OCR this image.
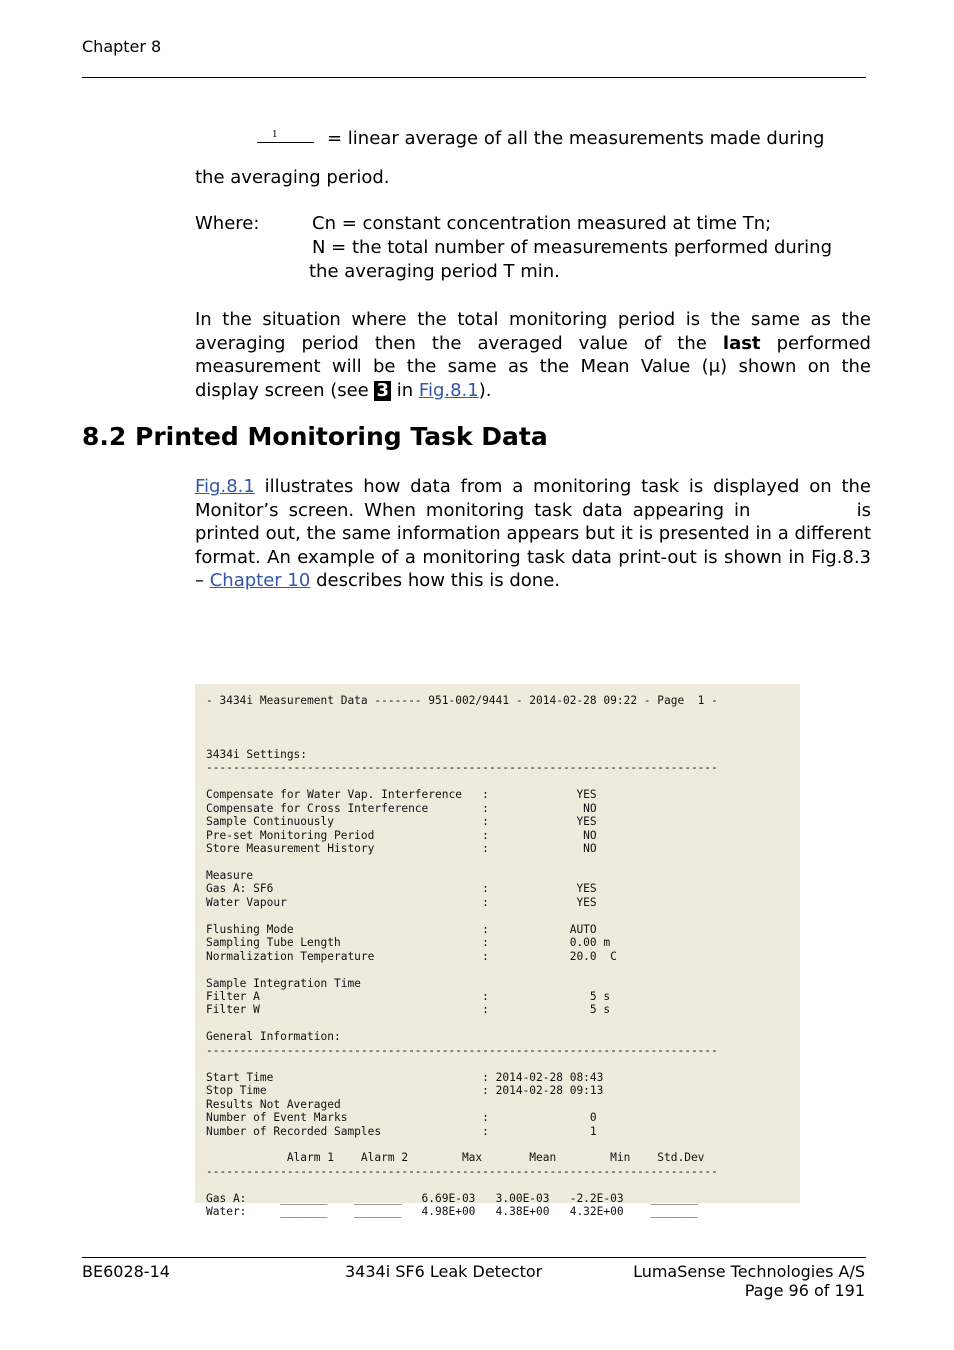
Chapter 8
1	= linear average of all the measurements made during
the averaging period.
Where:	Cn = constant concentration measured at time Tn;
N = the total number of measurements performed during
the averaging period T min.
In the situation where the total monitoring period is the same as the averaging period then the averaged value of the last performed measurement will be the same as the Mean Value (μ) shown on the display screen (see 3 in Fig.8.1).
8.2 Printed Monitoring Task Data
Fig.8.1 illustrates how data from a monitoring task is displayed on the Monitor’s screen. When monitoring task data appearing in	is printed out, the same information appears but it is presented in a different format. An example of a monitoring task data print-out is shown in Fig.8.3 – Chapter 10 describes how this is done.
- 3434i Measurement Data ------- 951-002/9441 - 2014-02-28 09:22 - Page  1 -

3434i Settings:
----------------------------------------------------------------------------

Compensate for Water Vap. Interference   :             YES
Compensate for Cross Interference        :              NO
Sample Continuously                      :             YES
Pre-set Monitoring Period                :              NO
Store Measurement History                :              NO

Measure
Gas A: SF6                               :             YES
Water Vapour                             :             YES

Flushing Mode                            :            AUTO
Sampling Tube Length                     :            0.00 m
Normalization Temperature                :            20.0  C

Sample Integration Time
Filter A                                 :               5 s
Filter W                                 :               5 s

General Information:
----------------------------------------------------------------------------

Start Time                               : 2014-02-28 08:43
Stop Time                                : 2014-02-28 09:13
Results Not Averaged
Number of Event Marks                    :               0
Number of Recorded Samples               :               1

Alarm 1    Alarm 2        Max       Mean        Min    Std.Dev
----------------------------------------------------------------------------

Gas A:     _______    _______   6.69E-03   3.00E-03   -2.2E-03    _______
Water:     _______    _______   4.98E+00   4.38E+00   4.32E+00    _______
BE6028-14	3434i SF6 Leak Detector	LumaSense Technologies A/S
Page 96 of 191
